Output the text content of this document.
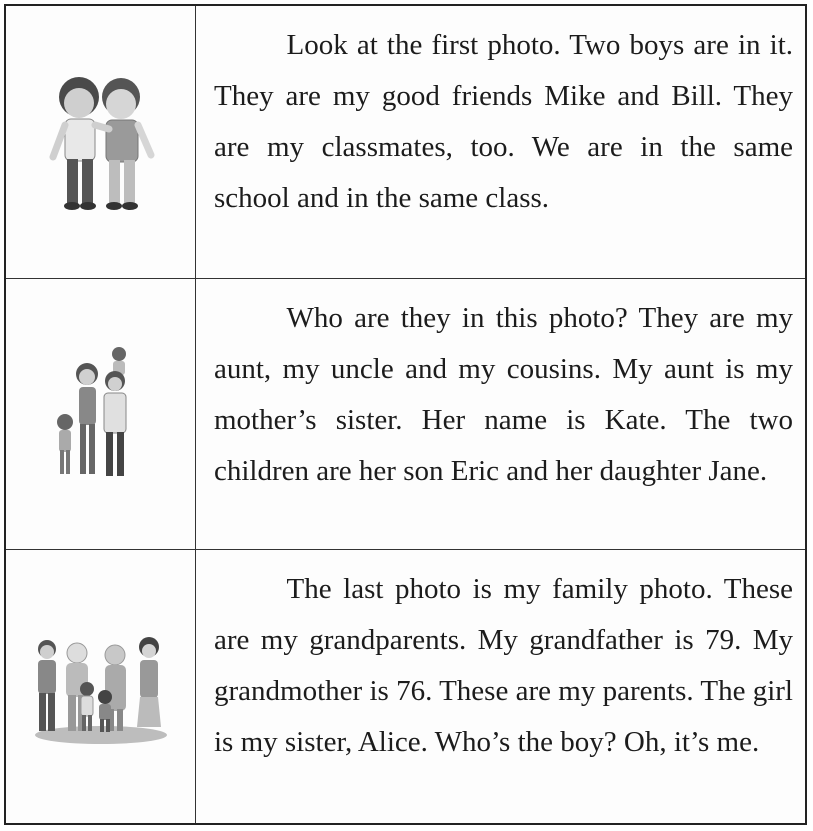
Look at the first photo. Two boys are in it. They are my good friends Mike and Bill. They are my classmates, too. We are in the same school and in the same class.

Who are they in this photo? They are my aunt, my uncle and my cousins. My aunt is my mother’s sister. Her name is Kate. The two children are her son Eric and her daughter Jane.

The last photo is my family photo. These are my grandparents. My grandfather is 79. My grandmother is 76. These are my parents. The girl is my sister, Alice. Who’s the boy? Oh, it’s me.
